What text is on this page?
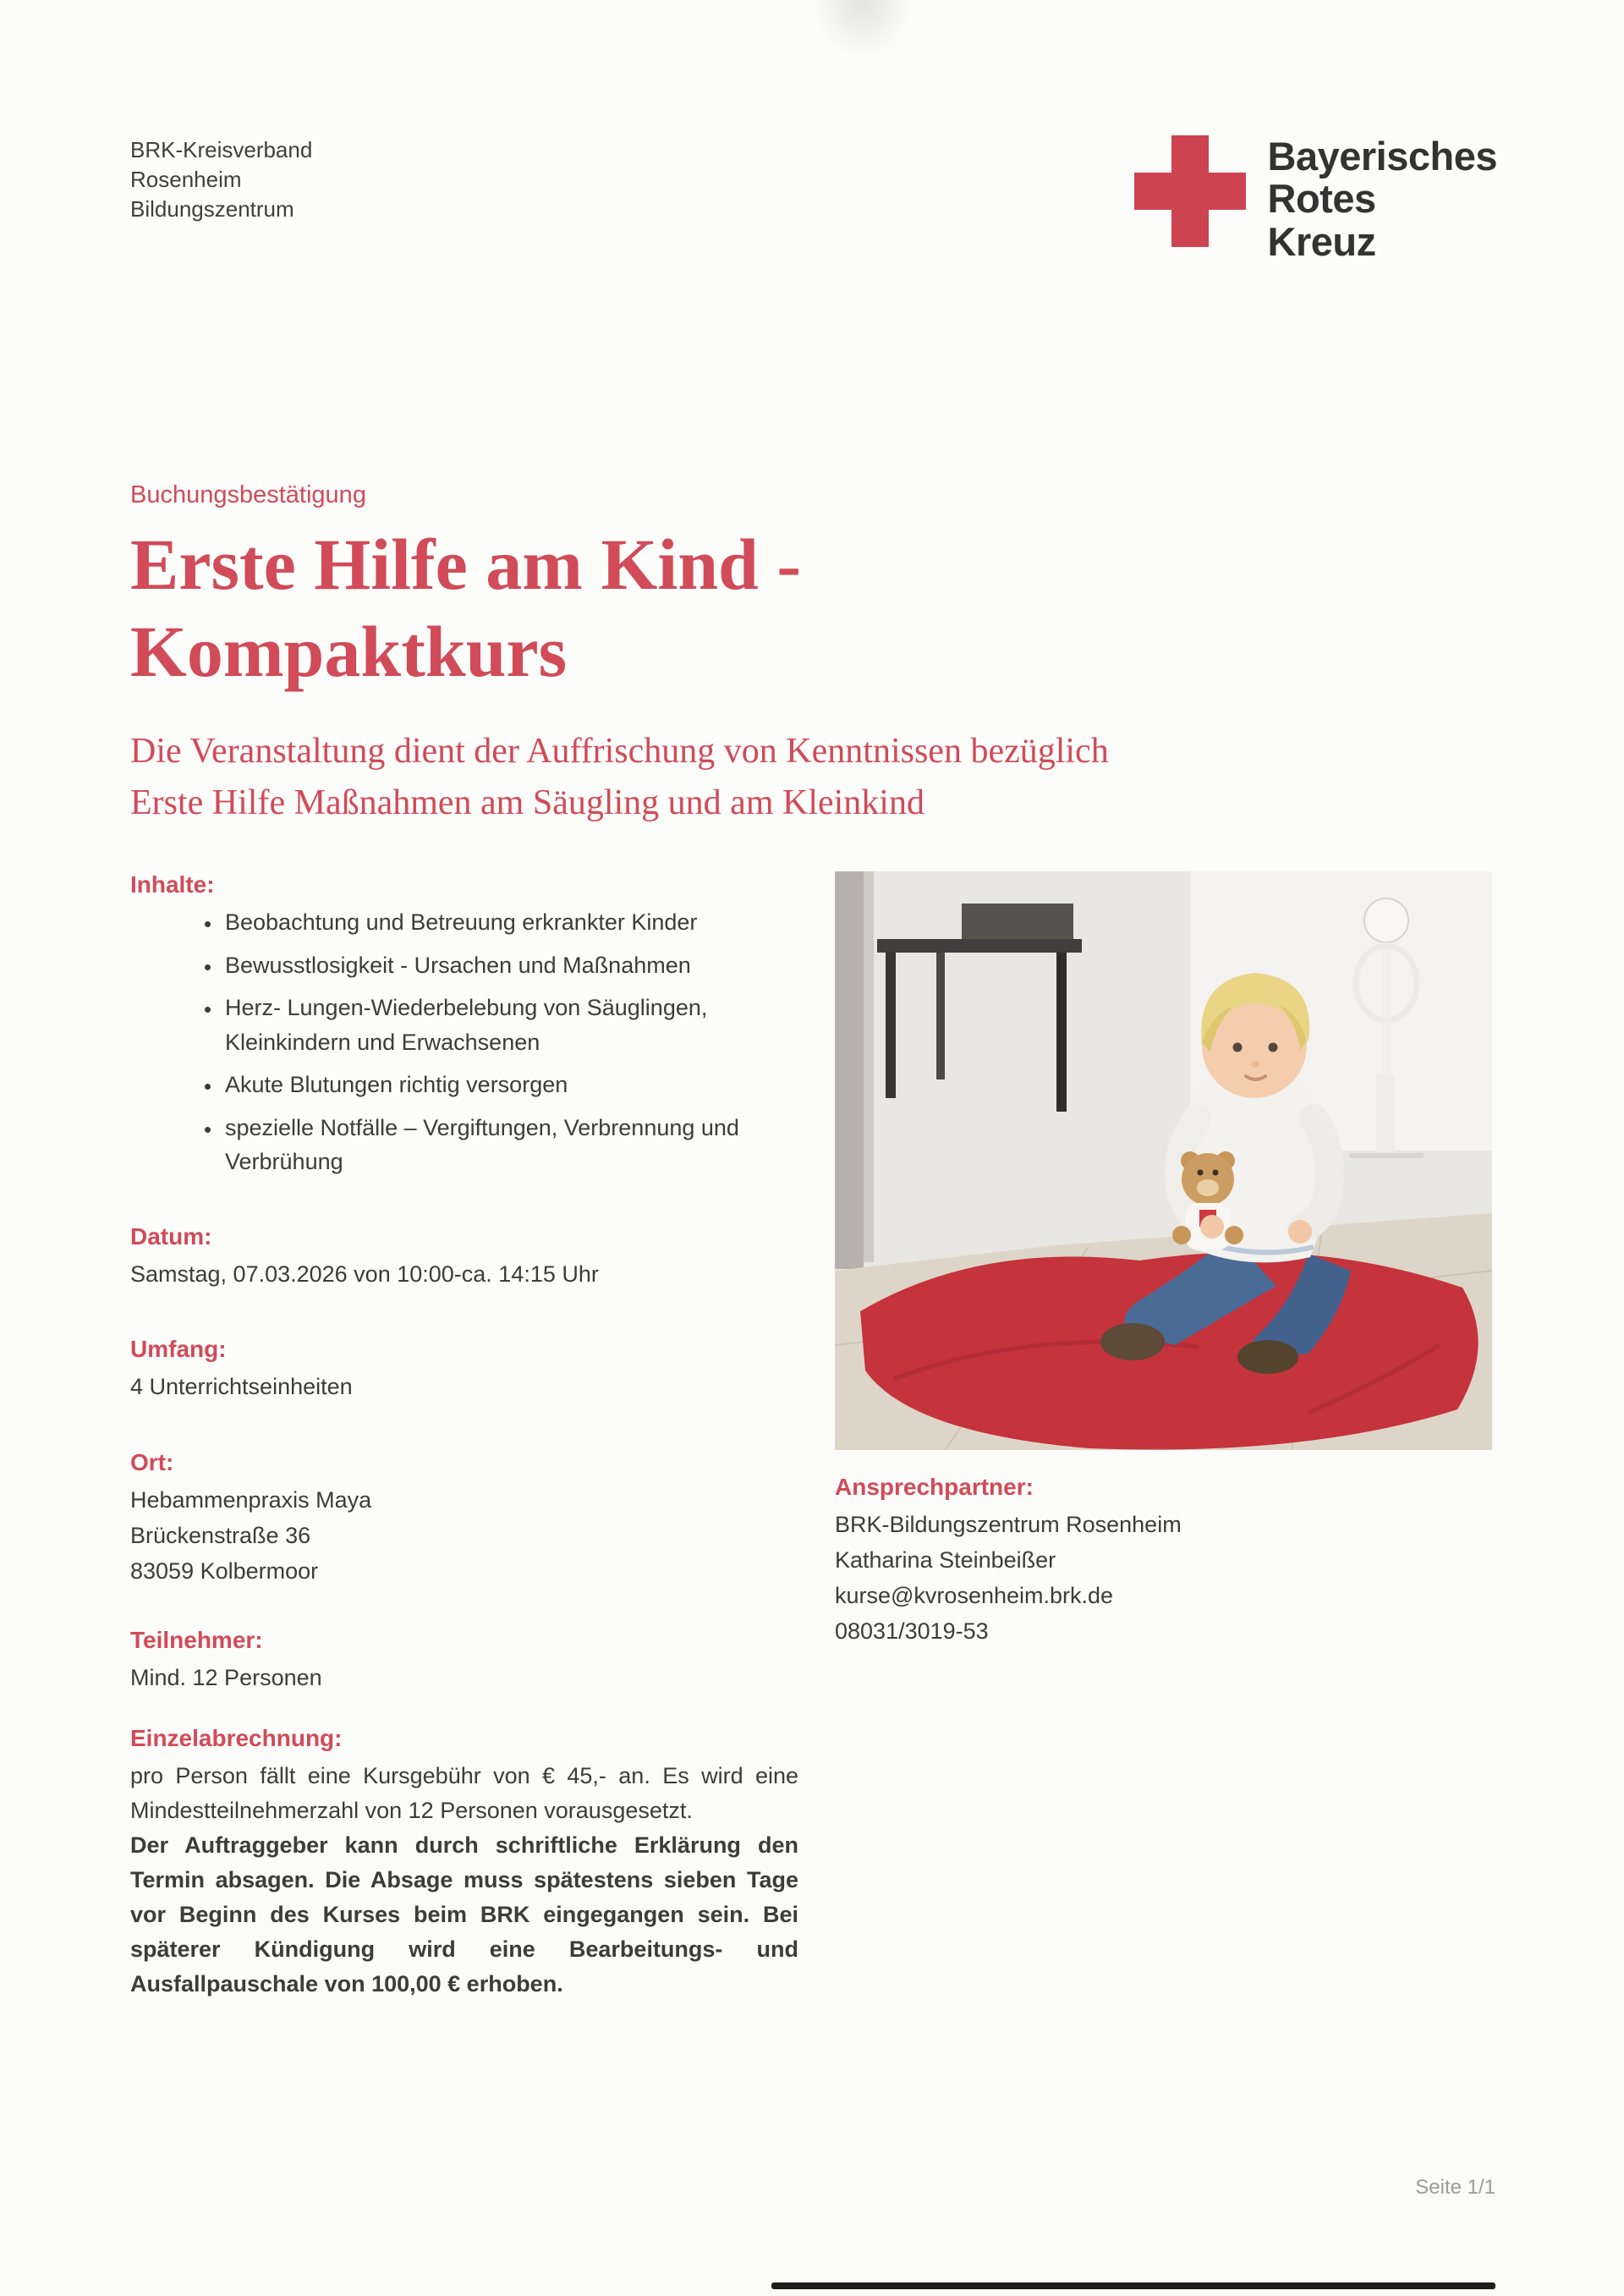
BRK-Kreisverband
Rosenheim
Bildungszentrum
Bayerisches
Rotes
Kreuz
Buchungsbestätigung
Erste Hilfe am Kind - Kompaktkurs

Die Veranstaltung dient der Auffrischung von Kenntnissen bezüglich Erste Hilfe Maßnahmen am Säugling und am Kleinkind

Inhalte:
• Beobachtung und Betreuung erkrankter Kinder
• Bewusstlosigkeit - Ursachen und Maßnahmen
• Herz- Lungen-Wiederbelebung von Säuglingen, Kleinkindern und Erwachsenen
• Akute Blutungen richtig versorgen
• spezielle Notfälle – Vergiftungen, Verbrennung und Verbrühung
Datum:
Samstag, 07.03.2026 von 10:00-ca. 14:15 Uhr
Umfang:
4 Unterrichtseinheiten
Ort:
Hebammenpraxis Maya
Brückenstraße 36
83059 Kolbermoor
Teilnehmer:
Mind. 12 Personen
Einzelabrechnung:

pro Person fällt eine Kursgebühr von € 45,- an. Es wird eine Mindestteilnehmerzahl von 12 Personen vorausgesetzt.

Der Auftraggeber kann durch schriftliche Erklärung den Termin absagen. Die Absage muss spätestens sieben Tage vor Beginn des Kurses beim BRK eingegangen sein. Bei späterer Kündigung wird eine Bearbeitungs- und Ausfallpauschale von 100,00 € erhoben.

Ansprechpartner:
BRK-Bildungszentrum Rosenheim
Katharina Steinbeißer
kurse@kvrosenheim.brk.de
08031/3019-53
Seite 1/1
